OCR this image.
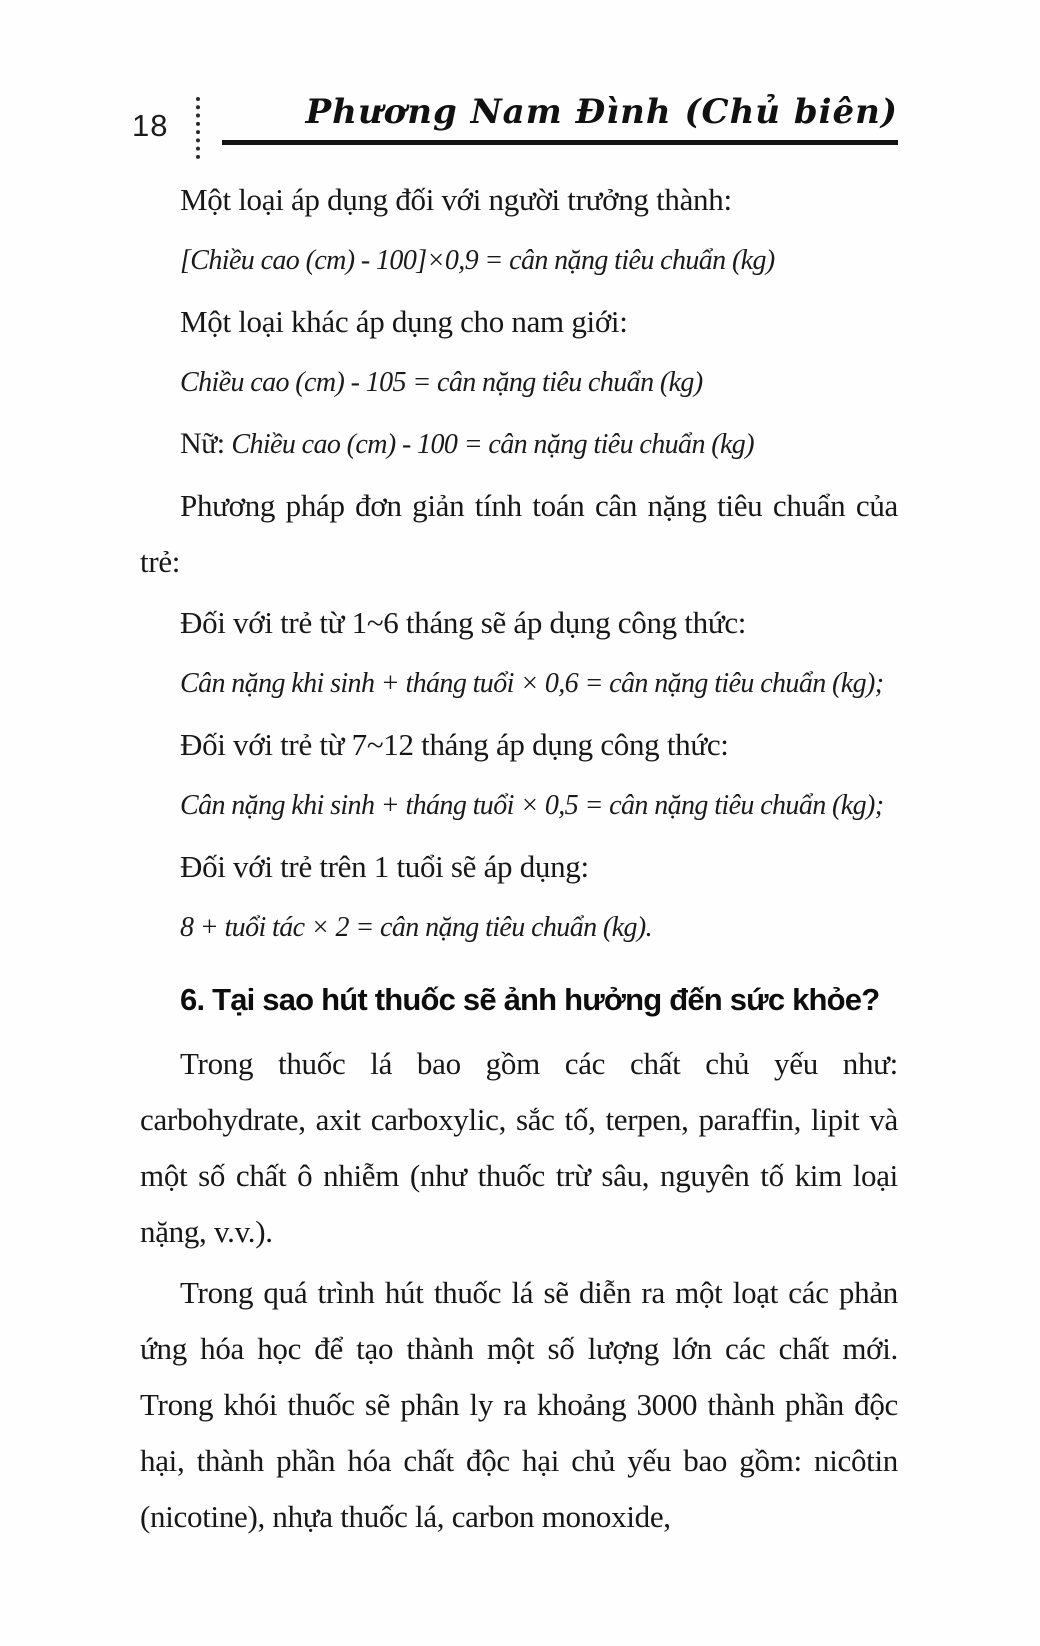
18	Phương Nam Đình (Chủ biên)

Một loại áp dụng đối với người trưởng thành:

[Chiều cao (cm) - 100]×0,9 = cân nặng tiêu chuẩn (kg)

Một loại khác áp dụng cho nam giới:

Chiều cao (cm) - 105 = cân nặng tiêu chuẩn (kg)

Nữ: Chiều cao (cm) - 100 = cân nặng tiêu chuẩn (kg)

Phương pháp đơn giản tính toán cân nặng tiêu chuẩn của trẻ:

Đối với trẻ từ 1~6 tháng sẽ áp dụng công thức:

Cân nặng khi sinh + tháng tuổi × 0,6 = cân nặng tiêu chuẩn (kg);

Đối với trẻ từ 7~12 tháng áp dụng công thức:

Cân nặng khi sinh + tháng tuổi × 0,5 = cân nặng tiêu chuẩn (kg);

Đối với trẻ trên 1 tuổi sẽ áp dụng:

8 + tuổi tác × 2 = cân nặng tiêu chuẩn (kg).

6. Tại sao hút thuốc sẽ ảnh hưởng đến sức khỏe?

Trong thuốc lá bao gồm các chất chủ yếu như: carbohydrate, axit carboxylic, sắc tố, terpen, paraffin, lipit và một số chất ô nhiễm (như thuốc trừ sâu, nguyên tố kim loại nặng, v.v.).

Trong quá trình hút thuốc lá sẽ diễn ra một loạt các phản ứng hóa học để tạo thành một số lượng lớn các chất mới. Trong khói thuốc sẽ phân ly ra khoảng 3000 thành phần độc hại, thành phần hóa chất độc hại chủ yếu bao gồm: nicôtin (nicotine), nhựa thuốc lá, carbon monoxide,
